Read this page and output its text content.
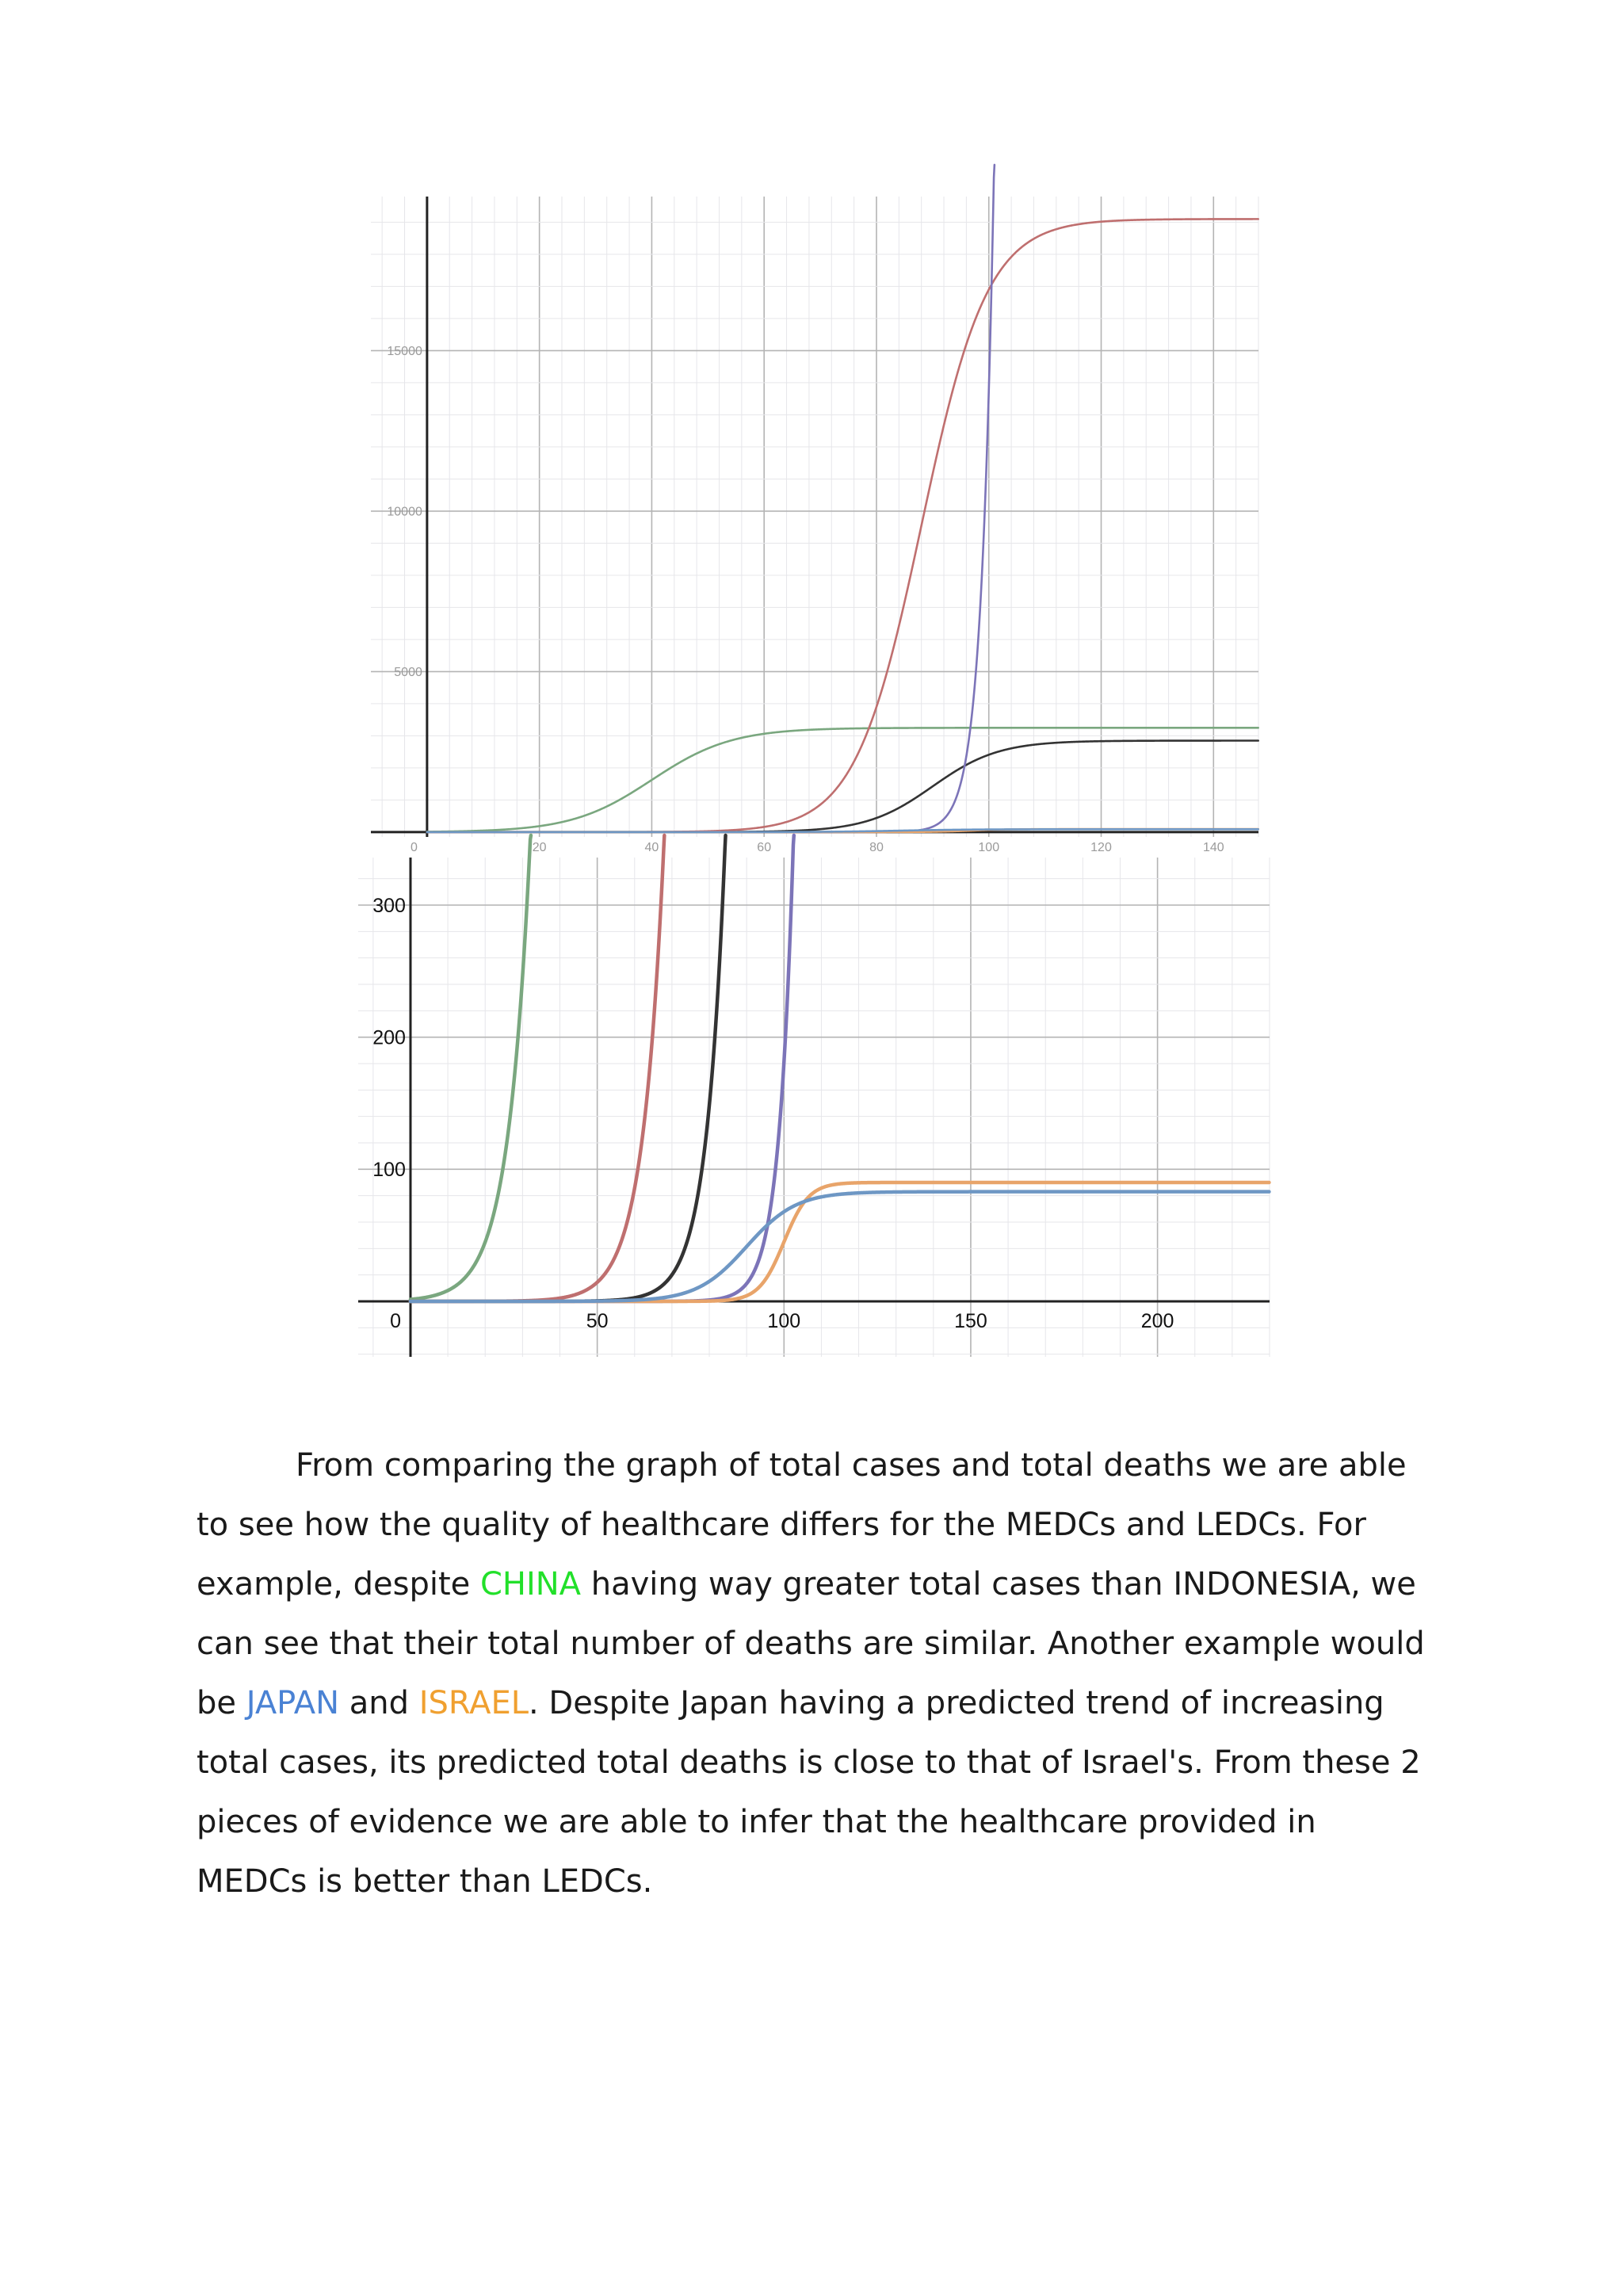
20	40	60	80	100	120	140
5000
10000
15000
0
50	100	150	200
100
200
300
0

From comparing the graph of total cases and total deaths we are able to see how the quality of healthcare differs for the MEDCs and LEDCs. For example, despite CHINA having way greater total cases than INDONESIA, we can see that their total number of deaths are similar. Another example would be JAPAN and ISRAEL. Despite Japan having a predicted trend of increasing total cases, its predicted total deaths is close to that of Israel's. From these 2 pieces of evidence we are able to infer that the healthcare provided in MEDCs is better than LEDCs.
